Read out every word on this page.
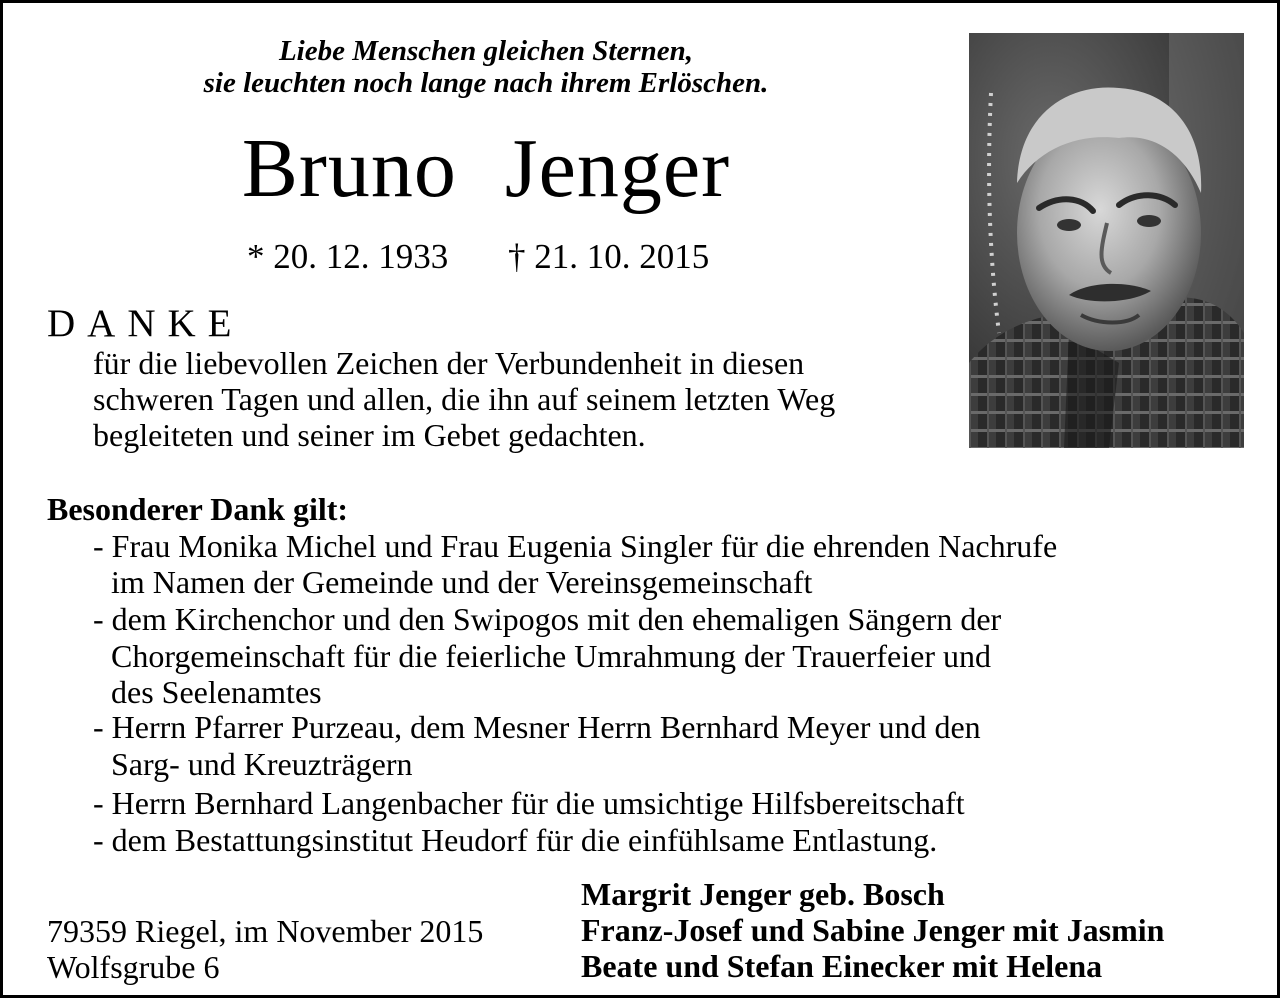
Liebe Menschen gleichen Sternen,
sie leuchten noch lange nach ihrem Erlöschen.
Bruno Jenger
* 20. 12. 1933 † 21. 10. 2015
DANKE
für die liebevollen Zeichen der Verbundenheit in diesen
schweren Tagen und allen, die ihn auf seinem letzten Weg
begleiteten und seiner im Gebet gedachten.
Besonderer Dank gilt:
- Frau Monika Michel und Frau Eugenia Singler für die ehrenden Nachrufe
im Namen der Gemeinde und der Vereinsgemeinschaft
- dem Kirchenchor und den Swipogos mit den ehemaligen Sängern der
Chorgemeinschaft für die feierliche Umrahmung der Trauerfeier und
des Seelenamtes
- Herrn Pfarrer Purzeau, dem Mesner Herrn Bernhard Meyer und den
Sarg- und Kreuzträgern
- Herrn Bernhard Langenbacher für die umsichtige Hilfsbereitschaft
- dem Bestattungsinstitut Heudorf für die einfühlsame Entlastung.
79359 Riegel, im November 2015
Wolfsgrube 6
Margrit Jenger geb. Bosch
Franz-Josef und Sabine Jenger mit Jasmin
Beate und Stefan Einecker mit Helena
